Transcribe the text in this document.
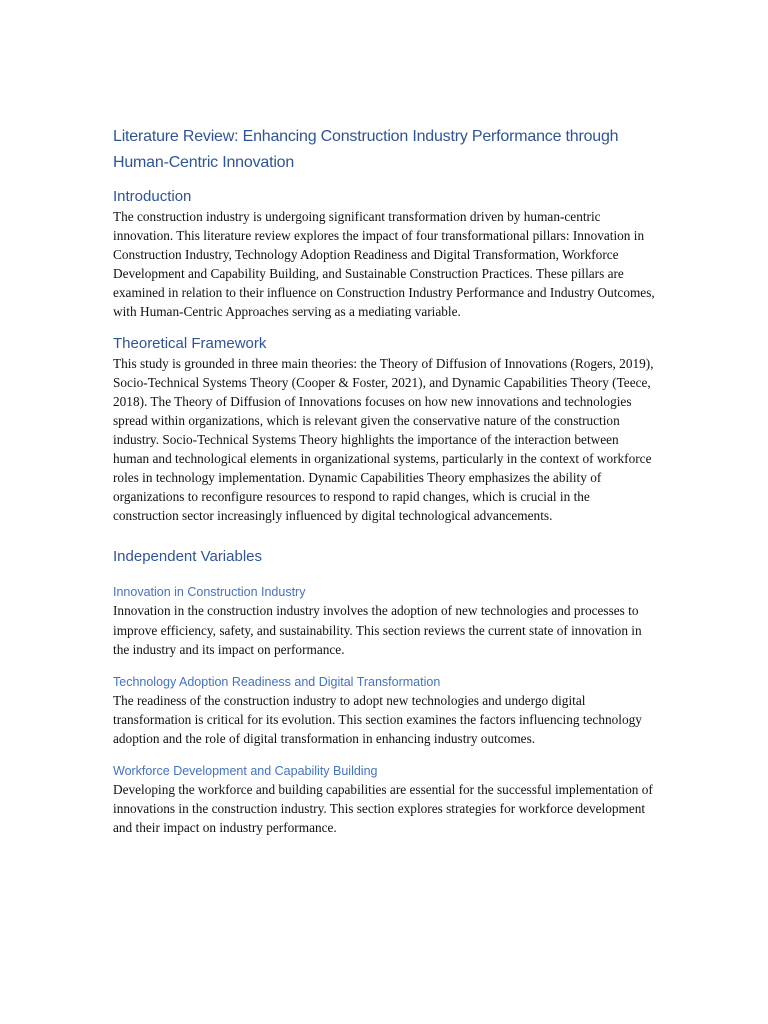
Literature Review: Enhancing Construction Industry Performance through Human-Centric Innovation
Introduction

The construction industry is undergoing significant transformation driven by human-centric innovation. This literature review explores the impact of four transformational pillars: Innovation in Construction Industry, Technology Adoption Readiness and Digital Transformation, Workforce Development and Capability Building, and Sustainable Construction Practices. These pillars are examined in relation to their influence on Construction Industry Performance and Industry Outcomes, with Human-Centric Approaches serving as a mediating variable.

Theoretical Framework

This study is grounded in three main theories: the Theory of Diffusion of Innovations (Rogers, 2019), Socio-Technical Systems Theory (Cooper & Foster, 2021), and Dynamic Capabilities Theory (Teece, 2018). The Theory of Diffusion of Innovations focuses on how new innovations and technologies spread within organizations, which is relevant given the conservative nature of the construction industry. Socio-Technical Systems Theory highlights the importance of the interaction between human and technological elements in organizational systems, particularly in the context of workforce roles in technology implementation. Dynamic Capabilities Theory emphasizes the ability of organizations to reconfigure resources to respond to rapid changes, which is crucial in the construction sector increasingly influenced by digital technological advancements.

Independent Variables
Innovation in Construction Industry

Innovation in the construction industry involves the adoption of new technologies and processes to improve efficiency, safety, and sustainability. This section reviews the current state of innovation in the industry and its impact on performance.

Technology Adoption Readiness and Digital Transformation

The readiness of the construction industry to adopt new technologies and undergo digital transformation is critical for its evolution. This section examines the factors influencing technology adoption and the role of digital transformation in enhancing industry outcomes.

Workforce Development and Capability Building

Developing the workforce and building capabilities are essential for the successful implementation of innovations in the construction industry. This section explores strategies for workforce development and their impact on industry performance.
